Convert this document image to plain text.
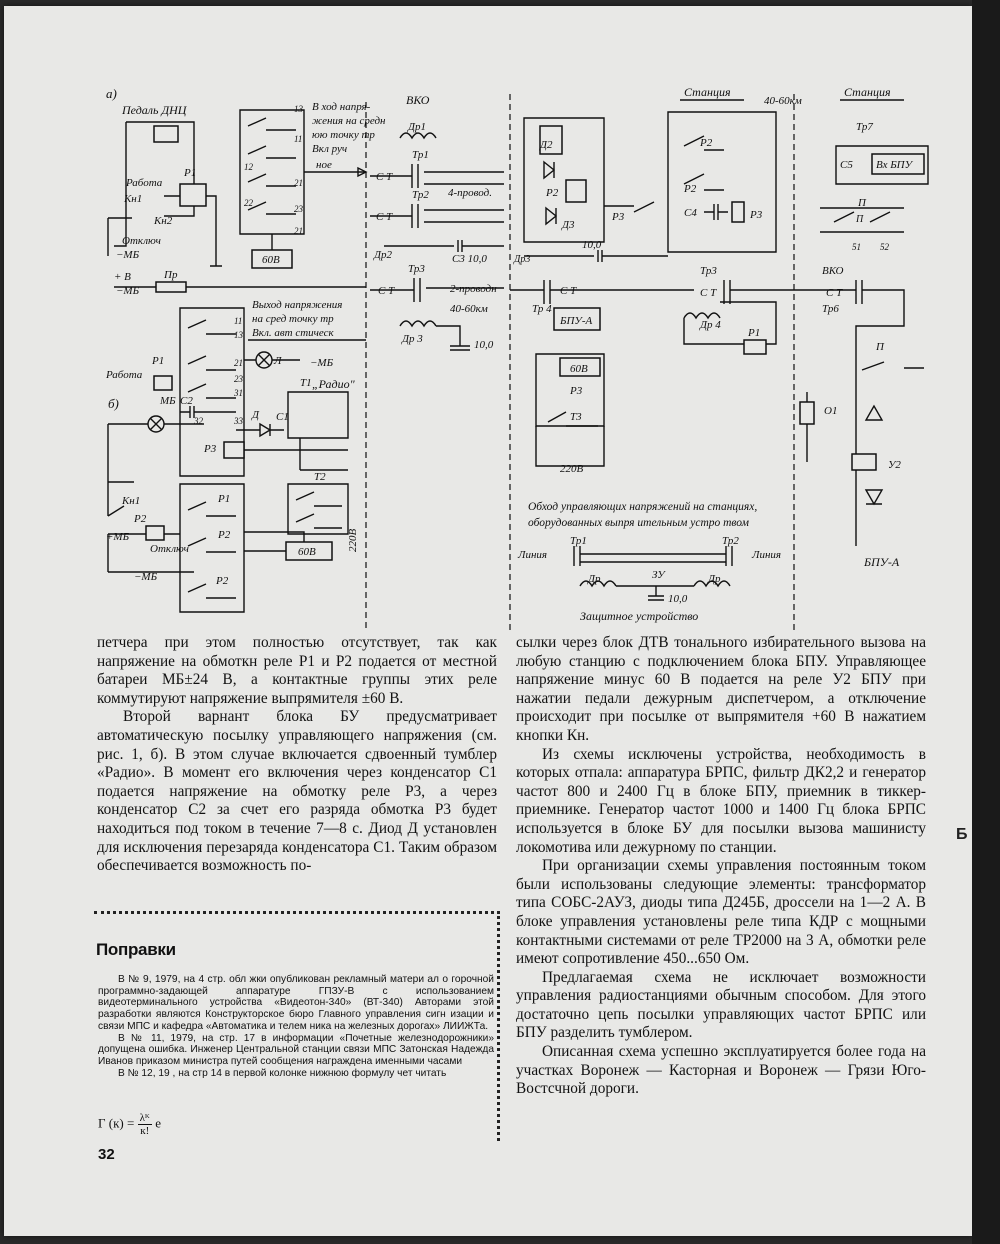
a)
Педаль ДНЦ
Работа
Кн1
Кн2
Отключ
−МБ
Р1
+ В
−МБ
Пр
60В
13
11
12
21
22
23
21
В ход напря-
жения на средн
юю точку тр
Вкл руч
ное
ВКО
Др1
Тр1
С Т
Тр2
С Т
4-провод.
Др2	С3 10,0
Тр3
С Т	2-проводн
40-60км
Др 3	10,0
Выход напряжения
на сред точку тр
Вкл. авт стическ
б)
Работа
Р1
МБ
11
13
21
23
31
32	33
Л	−МБ
„Радио"
Т1
С2
Д С1
Р3
Т2
220В
Кн1
Р2
+МБ
Отключ
−МБ
Р1
Р2
Р2
60В
Станция
40-60км
Станция
Д2
Р2
Д3
Р2
Р2
С4	Р3
Р3
10,0
Др3
С Т
Тр 4
БПУ-А
Тр3
С Т
Др 4
Р1
60В
Р3
Т3
220В
Тр7
С5 Вх БПУ
П
П
51 52
ВКО
С Т
Тр6
П
О1
У2
БПУ-А
Обход управляющих напряжений на станциях,
оборудованных выпря ительным устро твом
Тр1	Тр2
Линия	Линия
Др	ЗУ	Др
10,0
Защитное устройство

петчера при этом полностью отсутствует, так как напряжение на обмоткн реле Р1 и Р2 подается от местной батареи МБ±24 В, а контактные группы этих реле коммутируют напряжение выпрямителя ±60 В.

Второй варнант блока БУ предусматривает автоматическую посылку управляющего напряжения (см. рис. 1, б). В этом случае включается сдвоенный тумблер «Радио». В момент его включения через конденсатор С1 подается напряжение на обмотку реле Р3, а через конденсатор С2 за счет его разряда обмотка Р3 будет находиться под током в течение 7—8 с. Диод Д установлен для исключения перезаряда конденсатора С1. Таким образом обеспечивается возможность по-

сылки через блок ДТВ тонального избирательного вызова на любую станцию с подключением блока БПУ. Управляющее напряжение минус 60 В подается на реле У2 БПУ при нажатии педали дежурным диспетчером, а отключение происходит при посылке от выпрямителя +60 В нажатием кнопки Кн.

Из схемы исключены устройства, необходимость в которых отпала: аппаратура БРПС, фильтр ДК2,2 и генератор частот 800 и 2400 Гц в блоке БПУ, приемник в тиккер-приемнике. Генератор частот 1000 и 1400 Гц блока БРПС используется в блоке БУ для посылки вызова машинисту локомотива или дежурному по станции.

При организации схемы управления постоянным током были использованы следующие элементы: трансформатор типа СОБС-2АУЗ, диоды типа Д245Б, дроссели на 1—2 А. В блоке управления установлены реле типа КДР с мощными контактными системами от реле ТР2000 на 3 А, обмотки реле имеют сопротивление 450...650 Ом.

Предлагаемая схема не исключает возможности управления радиостанциями обычным способом. Для этого достаточно цепь посылки управляющих частот БРПС или БПУ разделить тумблером.

Описанная схема успешно эксплуатируется более года на участках Воронеж — Касторная и Воронеж — Грязи Юго-Востсчной дороги.

Поправки

В № 9, 1979, на 4 стр. обл жки опубликован рекламный матери ал о горочной программно-задающей аппаратуре ГПЗУ-В с использованием видеотерминального устройства «Видеотон-340» (ВТ-340) Авторами этой разработки являются Конструкторское бюро Главного управления сигн изации и связи МПС и кафедра «Автоматика и телем ника на железных дорогах» ЛИИЖТа.

В № 11, 1979, на стр. 17 в информации «Почетные железнодорожники» допущена ошибка. Инженер Центральной станции связи МПС Затонская Надежда Иванов приказом министра путей сообщения награждена именными часами

В № 12, 19 , на стр 14 в первой колонке нижнюю формулу чет читать

Г $(к) = \frac{\text{λᴷ}}{к!}$ е
32
Б
